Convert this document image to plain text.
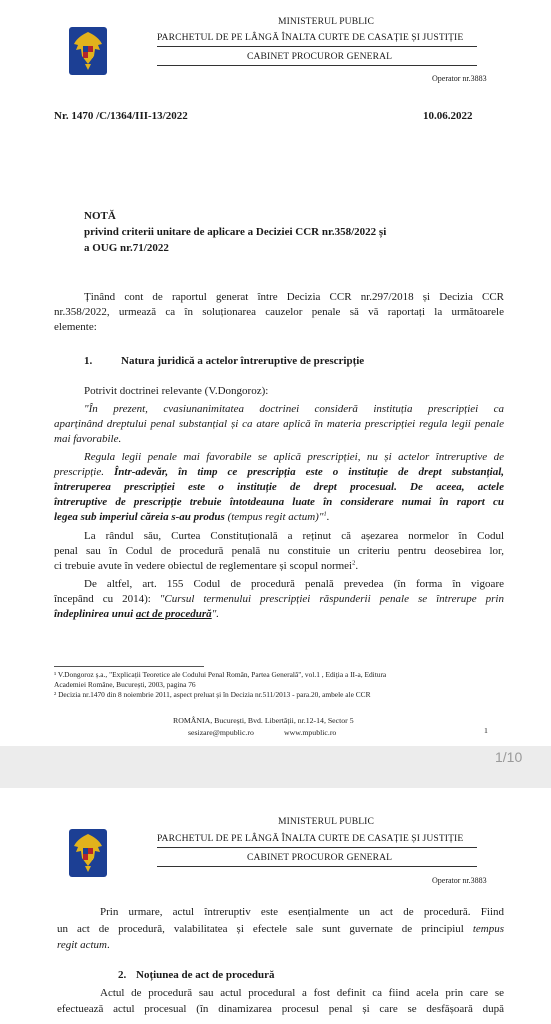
MINISTERUL PUBLIC
PARCHETUL DE PE LÂNGĂ ÎNALTA CURTE DE CASAȚIE ȘI JUSTIȚIE
CABINET PROCUROR GENERAL
Operator nr.3883
Nr. 1470 /C/1364/III-13/2022	10.06.2022
NOTĂ
privind criterii unitare de aplicare a Deciziei CCR nr.358/2022 și
a OUG nr.71/2022
Ținând cont de raportul generat între Decizia CCR nr.297/2018 și Decizia CCR
nr.358/2022, urmează ca în soluționarea cauzelor penale să vă raportați la următoarele
elemente:
1.	Natura juridică a actelor întreruptive de prescripție
Potrivit doctrinei relevante (V.Dongoroz):
"În prezent, cvasiunanimitatea doctrinei consideră instituția prescripției ca
aparținând dreptului penal substanțial și ca atare aplică în materia prescripției regula legii penale
mai favorabile.
Regula legii penale mai favorabile se aplică prescripției, nu și actelor întreruptive de
prescripție. Într-adevăr, în timp ce prescripția este o instituție de drept substanțial,
întreruperea prescripției este o instituție de drept procesual. De aceea, actele
întreruptive de prescripție trebuie întotdeauna luate în considerare numai în raport cu
legea sub imperiul căreia s-au produs (tempus regit actum)"$^1$.
La rândul său, Curtea Constituțională a reținut că așezarea normelor în Codul
penal sau în Codul de procedură penală nu constituie un criteriu pentru deosebirea lor,
ci trebuie avute în vedere obiectul de reglementare și scopul normei$^2$.
De altfel, art. 155 Codul de procedură penală prevedea (în forma în vigoare
începând cu 2014): "Cursul termenului prescripției răspunderii penale se întrerupe prin
îndeplinirea unui act de procedură".
¹ V.Dongoroz ș.a., "Explicații Teoretice ale Codului Penal Român, Partea Generală", vol.1 , Ediția a II-a, Editura
Academiei Române, București, 2003, pagina 76
² Decizia nr.1470 din 8 noiembrie 2011, aspect preluat și în Decizia nr.511/2013 - para.20, ambele ale CCR
ROMÂNIA, București, Bvd. Libertății, nr.12-14, Sector 5
sesizare@mpublic.ro	www.mpublic.ro	1
1/10
MINISTERUL PUBLIC
PARCHETUL DE PE LÂNGĂ ÎNALTA CURTE DE CASAȚIE ȘI JUSTIȚIE
CABINET PROCUROR GENERAL
Operator nr.3883
Prin urmare, actul întreruptiv este esențialmente un act de procedură. Fiind
un act de procedură, valabilitatea și efectele sale sunt guvernate de principiul tempus
regit actum.
2. Noțiunea de act de procedură
Actul de procedură sau actul procedural a fost definit ca fiind acela prin care se
efectuează actul procesual (în dinamizarea procesul penal și care se desfășoară după
